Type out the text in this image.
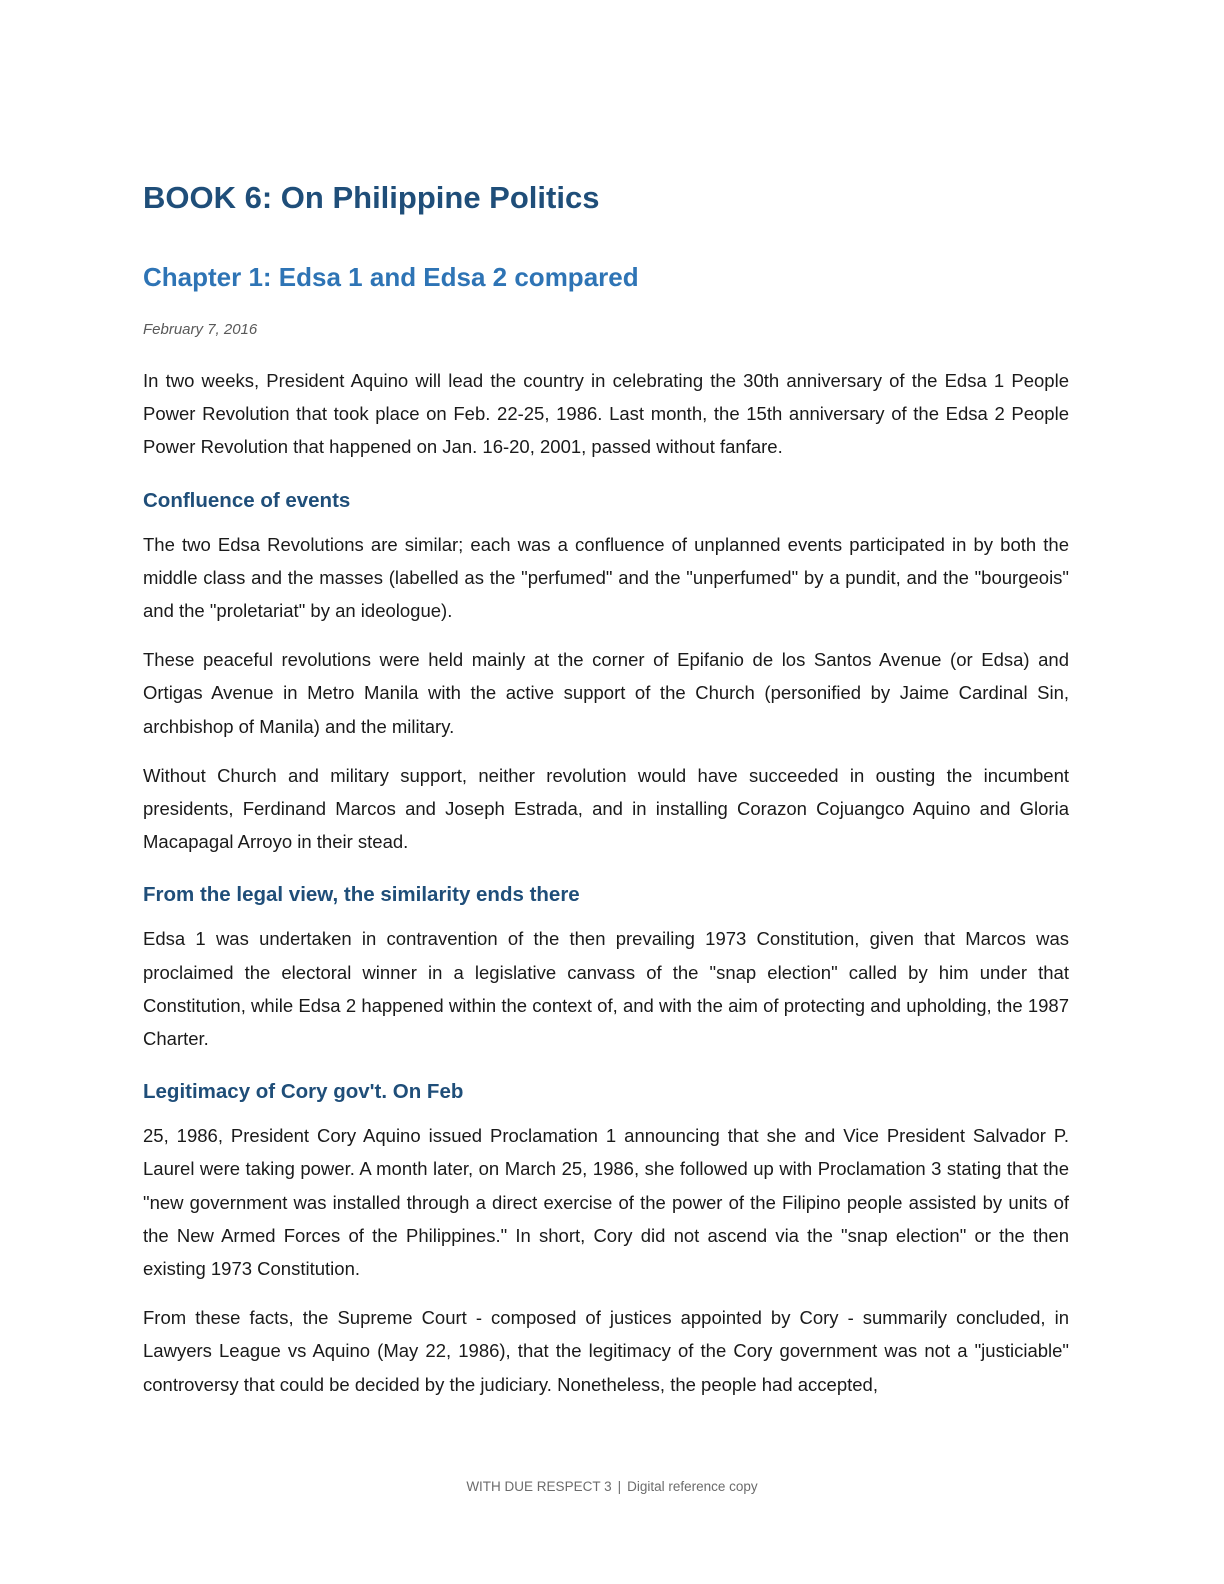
BOOK 6: On Philippine Politics
Chapter 1: Edsa 1 and Edsa 2 compared

February 7, 2016

In two weeks, President Aquino will lead the country in celebrating the 30th anniversary of the Edsa 1 People Power Revolution that took place on Feb. 22-25, 1986. Last month, the 15th anniversary of the Edsa 2 People Power Revolution that happened on Jan. 16-20, 2001, passed without fanfare.

Confluence of events

The two Edsa Revolutions are similar; each was a confluence of unplanned events participated in by both the middle class and the masses (labelled as the "perfumed" and the "unperfumed" by a pundit, and the "bourgeois" and the "proletariat" by an ideologue).

These peaceful revolutions were held mainly at the corner of Epifanio de los Santos Avenue (or Edsa) and Ortigas Avenue in Metro Manila with the active support of the Church (personified by Jaime Cardinal Sin, archbishop of Manila) and the military.

Without Church and military support, neither revolution would have succeeded in ousting the incumbent presidents, Ferdinand Marcos and Joseph Estrada, and in installing Corazon Cojuangco Aquino and Gloria Macapagal Arroyo in their stead.

From the legal view, the similarity ends there

Edsa 1 was undertaken in contravention of the then prevailing 1973 Constitution, given that Marcos was proclaimed the electoral winner in a legislative canvass of the "snap election" called by him under that Constitution, while Edsa 2 happened within the context of, and with the aim of protecting and upholding, the 1987 Charter.

Legitimacy of Cory gov't. On Feb

25, 1986, President Cory Aquino issued Proclamation 1 announcing that she and Vice President Salvador P. Laurel were taking power. A month later, on March 25, 1986, she followed up with Proclamation 3 stating that the "new government was installed through a direct exercise of the power of the Filipino people assisted by units of the New Armed Forces of the Philippines." In short, Cory did not ascend via the "snap election" or the then existing 1973 Constitution.

From these facts, the Supreme Court - composed of justices appointed by Cory - summarily concluded, in Lawyers League vs Aquino (May 22, 1986), that the legitimacy of the Cory government was not a "justiciable" controversy that could be decided by the judiciary. Nonetheless, the people had accepted,

WITH DUE RESPECT 3 | Digital reference copy
